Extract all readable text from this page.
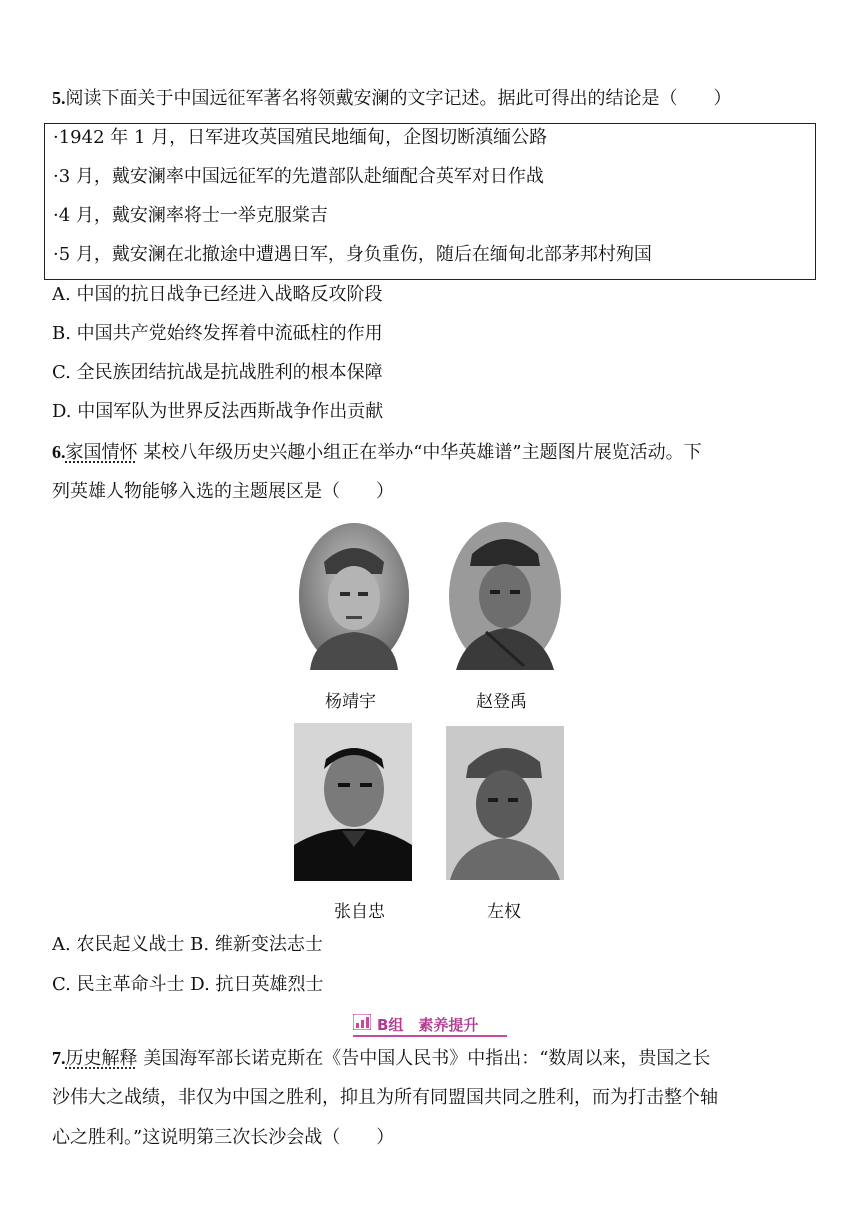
5.阅读下面关于中国远征军著名将领戴安澜的文字记述。据此可得出的结论是（　　）
·1942 年 1 月，日军进攻英国殖民地缅甸，企图切断滇缅公路
·3 月，戴安澜率中国远征军的先遣部队赴缅配合英军对日作战
·4 月，戴安澜率将士一举克服棠吉
·5 月，戴安澜在北撤途中遭遇日军，身负重伤，随后在缅甸北部茅邦村殉国
A. 中国的抗日战争已经进入战略反攻阶段
B. 中国共产党始终发挥着中流砥柱的作用
C. 全民族团结抗战是抗战胜利的根本保障
D. 中国军队为世界反法西斯战争作出贡献
6.家国情怀 某校八年级历史兴趣小组正在举办“中华英雄谱”主题图片展览活动。下
列英雄人物能够入选的主题展区是（　　）
杨靖宇	赵登禹
张自忠	左权
A. 农民起义战士 B. 维新变法志士
C. 民主革命斗士 D. 抗日英雄烈士
B组　素养提升
7.历史解释 美国海军部长诺克斯在《告中国人民书》中指出：“数周以来，贵国之长
沙伟大之战绩，非仅为中国之胜利，抑且为所有同盟国共同之胜利，而为打击整个轴
心之胜利。”这说明第三次长沙会战（　　）
